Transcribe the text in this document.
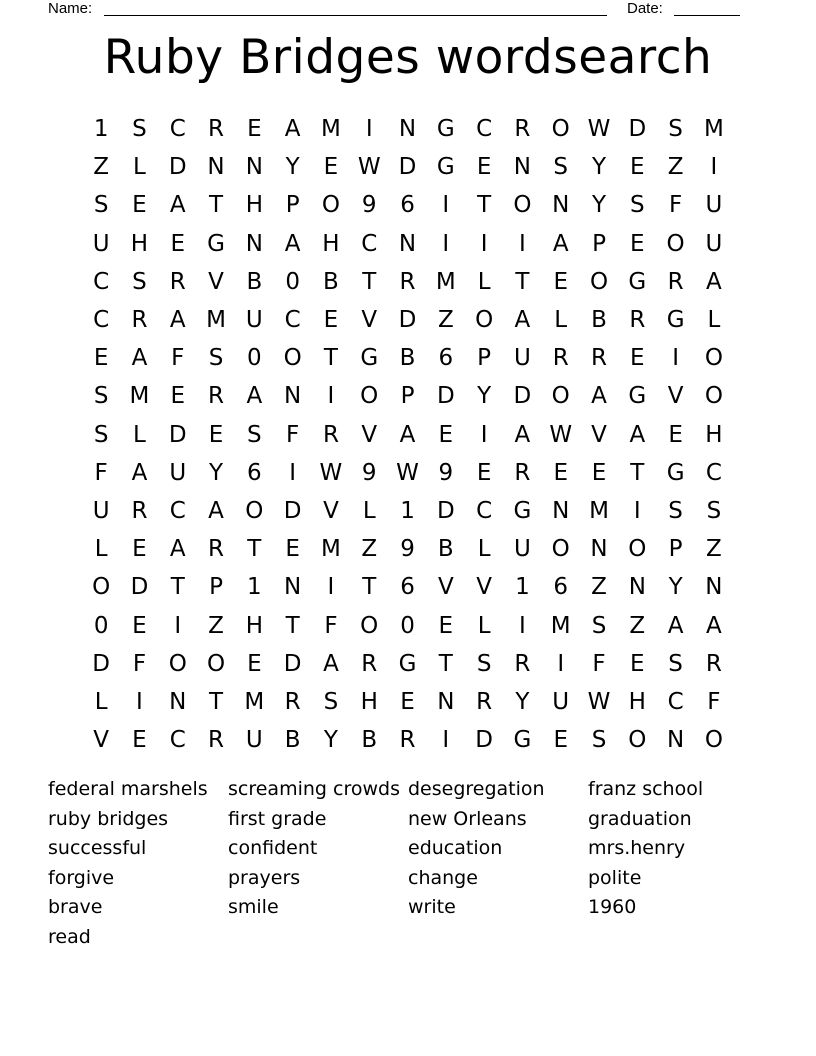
Name:	Date:
Ruby Bridges wordsearch
1	S C R	E	A M	I	N G C R O W D S M
Z	L	D N N Y	E W D G E N S	Y	E	Z	I
S	E	A	T H P O 9	6	I	T O N Y	S	F	U
U H E G N A H C N	I	I	I	A	P	E O U
C S	R V B	0	B	T	R M L	T	E O G R A
C R A M U C	E	V D Z O A	L	B R G L
E	A	F	S	0 O T G B	6	P U R R	E	I	O
S M E	R A N	I	O P D Y D O A G V O
S	L	D E	S	F	R V A	E	I	A W V A	E H
F	A U Y	6	I	W 9 W 9	E	R	E	E	T G C
U R C A O D V	L	1 D C G N M	I	S	S
L	E	A R	T	E M Z	9	B	L	U O N O P	Z
O D T	P	1 N	I	T	6	V V	1	6	Z N Y N
0	E	I	Z H T	F O 0	E	L	I	M S	Z A A
D F O O E D A R G T	S	R	I	F	E	S	R
L	I	N T M R	S H E N R	Y U W H C	F
V	E C R U B	Y	B R	I	D G E	S O N O
federal marshels	screaming crowds desegregation	franz school
ruby bridges	first grade	new Orleans	graduation
successful	confident	education	mrs.henry
forgive	prayers	change	polite
brave	smile	write	1960
read
